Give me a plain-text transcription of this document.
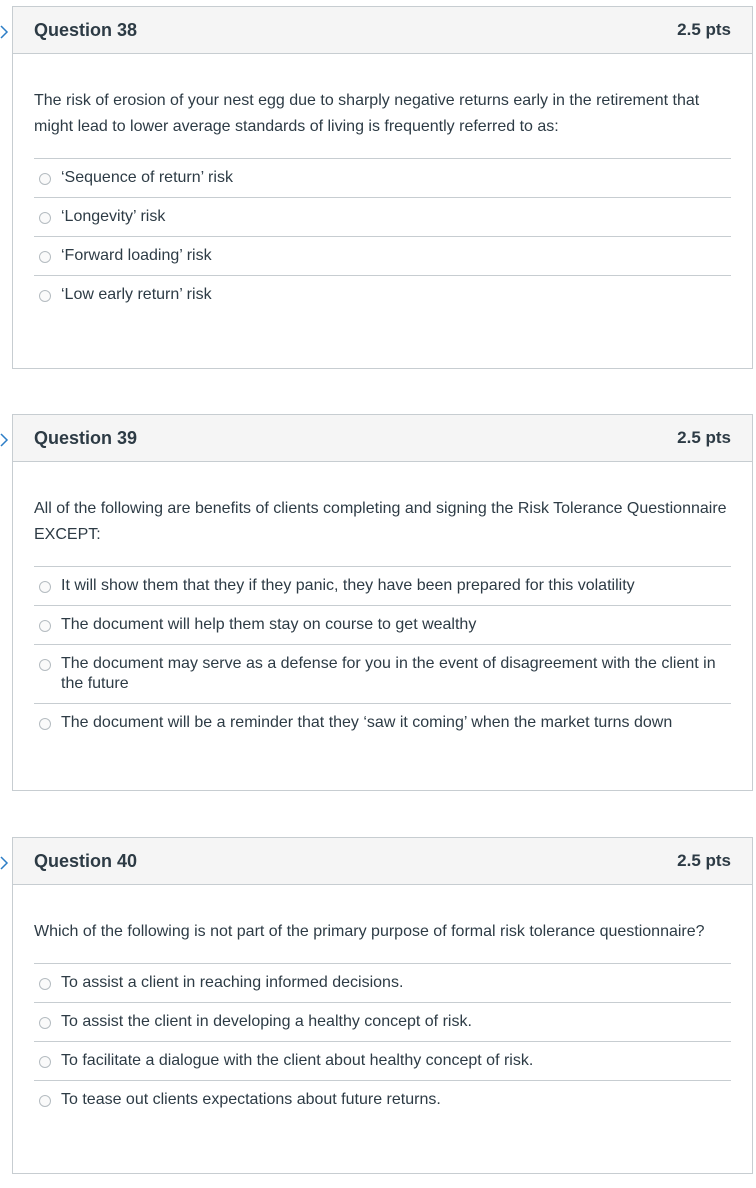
Question 38	2.5 pts

The risk of erosion of your nest egg due to sharply negative returns early in the retirement that might lead to lower average standards of living is frequently referred to as:

‘Sequence of return’ risk
‘Longevity’ risk
‘Forward loading’ risk
‘Low early return’ risk
Question 39	2.5 pts

All of the following are benefits of clients completing and signing the Risk Tolerance Questionnaire EXCEPT:

It will show them that they if they panic, they have been prepared for this volatility
The document will help them stay on course to get wealthy
The document may serve as a defense for you in the event of disagreement with the client in the future
The document will be a reminder that they ‘saw it coming’ when the market turns down
Question 40	2.5 pts

Which of the following is not part of the primary purpose of formal risk tolerance questionnaire?

To assist a client in reaching informed decisions.
To assist the client in developing a healthy concept of risk.
To facilitate a dialogue with the client about healthy concept of risk.
To tease out clients expectations about future returns.
